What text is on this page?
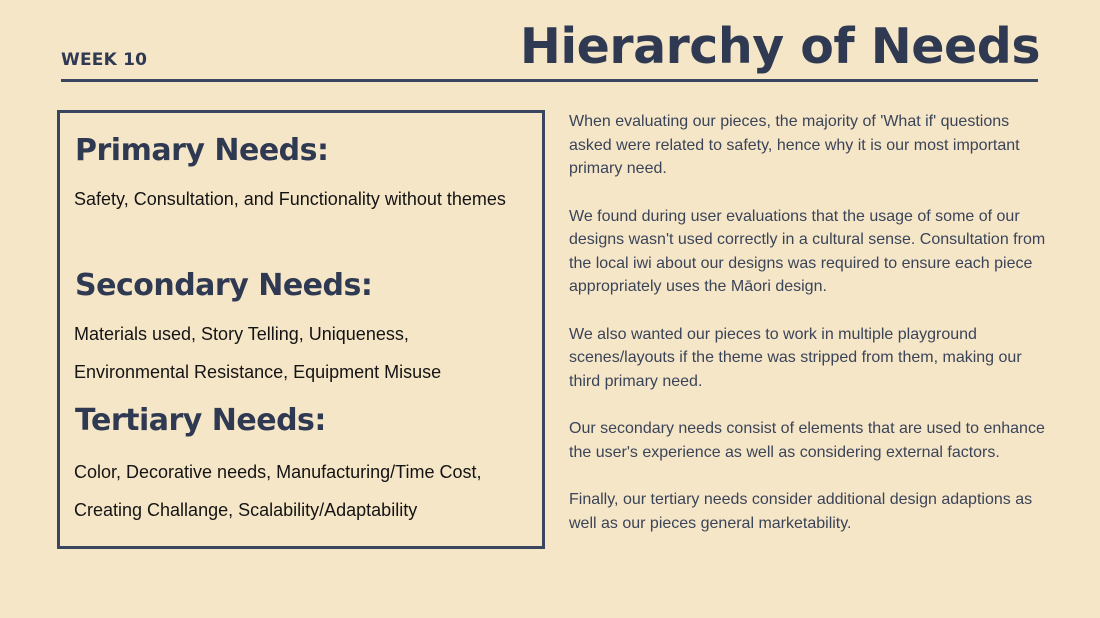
WEEK 10	Hierarchy of Needs
Primary Needs:
Safety, Consultation, and Functionality without themes
Secondary Needs:
Materials used, Story Telling, Uniqueness, Environmental Resistance, Equipment Misuse
Tertiary Needs:
Color, Decorative needs, Manufacturing/Time Cost, Creating Challange, Scalability/Adaptability

When evaluating our pieces, the majority of 'What if' questions asked were related to safety, hence why it is our most important primary need.

We found during user evaluations that the usage of some of our designs wasn't used correctly in a cultural sense. Consultation from the local iwi about our designs was required to ensure each piece appropriately uses the Māori design.

We also wanted our pieces to work in multiple playground scenes/layouts if the theme was stripped from them, making our third primary need.

Our secondary needs consist of elements that are used to enhance the user's experience as well as considering external factors.

Finally, our tertiary needs consider additional design adaptions as well as our pieces general marketability.
